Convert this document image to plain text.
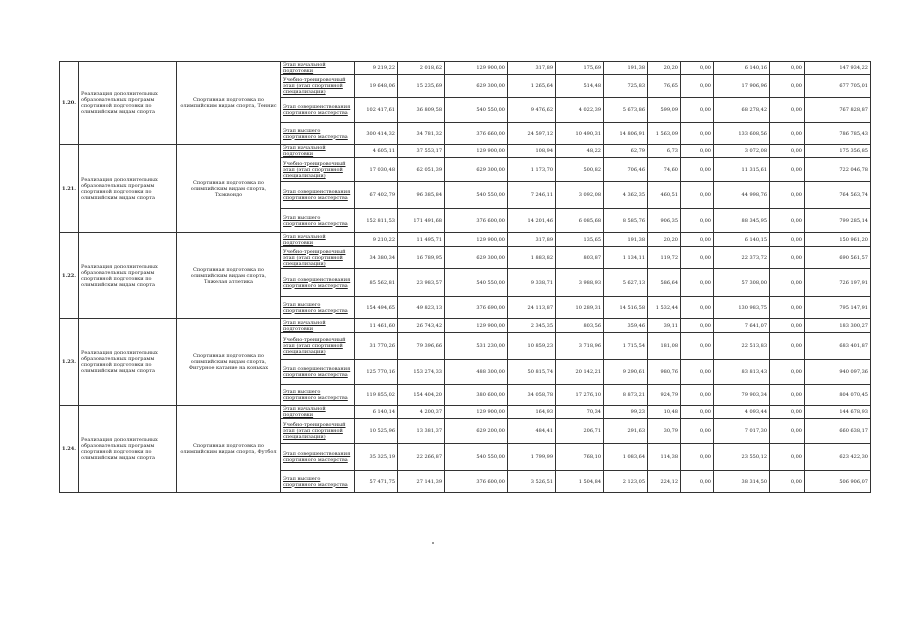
1.20.	Реализация дополнительных образовательных программ спортивной подготовки по олимпийским видам спорта	Спортивная подготовка по олимпийским видам спорта, Теннис	Этап начальной подготовки	9 219,22	2 018,62	129 900,00	317,89	175,69	191,38	20,20	0,00	6 140,16	0,00	147 934,22
			Учебно-тренировочный этап (этап спортивной специализации)	19 648,06	15 235,69	629 300,00	1 265,64	514,48	725,83	76,65	0,00	17 906,96	0,00	677 705,01
			Этап совершенствования спортивного мастерства	102 417,61	36 809,58	540 550,00	9 476,62	4 022,39	5 673,86	599,09	0,00	68 278,42	0,00	767 828,87
			Этап высшего спортивного мастерства	300 414,32	34 781,32	376 660,00	24 597,12	10 490,31	14 806,91	1 563,09	0,00	133 608,56	0,00	786 785,43
1.21.	Реализация дополнительных образовательных программ спортивной подготовки по олимпийским видам спорта	Спортивная подготовка по олимпийским видам спорта, Тхэквондо	Этап начальной подготовки	4 605,11	37 553,17	129 900,00	108,94	48,22	62,79	6,73	0,00	3 072,08	0,00	175 356,85
			Учебно-тренировочный этап (этап спортивной специализации)	17 030,48	62 051,39	629 300,00	1 173,70	500,82	706,46	74,60	0,00	11 315,61	0,00	722 046,78
			Этап совершенствования спортивного мастерства	67 402,79	96 385,84	540 550,00	7 246,11	3 092,08	4 362,35	460,51	0,00	44 998,76	0,00	764 563,74
			Этап высшего спортивного мастерства	152 811,53	171 491,68	376 600,00	14 201,46	6 085,68	8 585,76	906,35	0,00	88 345,95	0,00	799 285,14
1.22.	Реализация дополнительных образовательных программ спортивной подготовки по олимпийским видам спорта	Спортивная подготовка по олимпийским видам спорта, Тяжелая атлетика	Этап начальной подготовки	9 210,22	11 495,71	129 900,00	317,89	135,65	191,38	20,20	0,00	6 140,15	0,00	150 961,20
			Учебно-тренировочный этап (этап спортивной специализации)	34 380,34	16 789,95	629 300,00	1 883,82	803,87	1 134,11	119,72	0,00	22 373,72	0,00	690 561,57
			Этап совершенствования спортивного мастерства	85 562,81	23 983,57	540 550,00	9 338,71	3 988,93	5 627,13	586,64	0,00	57 308,00	0,00	726 197,91
			Этап высшего спортивного мастерства	154 494,65	49 823,13	376 690,00	24 113,87	10 289,31	14 516,58	1 532,44	0,00	130 983,75	0,00	795 147,91
1.23.	Реализация дополнительных образовательных программ спортивной подготовки по олимпийским видам спорта	Спортивная подготовка по олимпийским видам спорта, Фигурное катание на коньках	Этап начальной подготовки	11 461,60	26 743,42	129 900,00	2 345,35	803,56	359,46	39,11	0,00	7 641,07	0,00	183 300,27
			Учебно-тренировочный этап (этап спортивной специализации)	31 770,26	79 396,66	531 230,00	10 859,23	3 718,96	1 715,54	181,08	0,00	22 513,83	0,00	683 401,87
			Этап совершенствования спортивного мастерства	125 770,16	153 274,33	488 300,00	50 815,74	20 142,21	9 290,61	980,76	0,00	83 813,43	0,00	940 097,36
			Этап высшего спортивного мастерства	119 855,02	154 404,20	380 600,00	34 058,78	17 276,10	8 873,21	924,79	0,00	79 903,34	0,00	804 070,45
1.24.	Реализация дополнительных образовательных программ спортивной подготовки по олимпийским видам спорта	Спортивная подготовка по олимпийским видам спорта, Футбол	Этап начальной подготовки	6 140,14	4 200,37	129 900,00	164,93	70,34	99,23	10,48	0,00	4 093,44	0,00	144 678,93
			Учебно-тренировочный этап (этап спортивной специализации)	10 525,96	13 381,37	629 200,00	484,41	206,71	291,63	30,79	0,00	7 017,30	0,00	660 638,17
			Этап совершенствования спортивного мастерства	35 325,19	22 266,87	540 550,00	1 799,99	768,10	1 083,64	114,38	0,00	23 550,12	0,00	623 422,30
			Этап высшего спортивного мастерства	57 471,75	27 141,39	376 600,00	3 526,51	1 504,84	2 123,05	224,12	0,00	38 314,50	0,00	506 906,07
